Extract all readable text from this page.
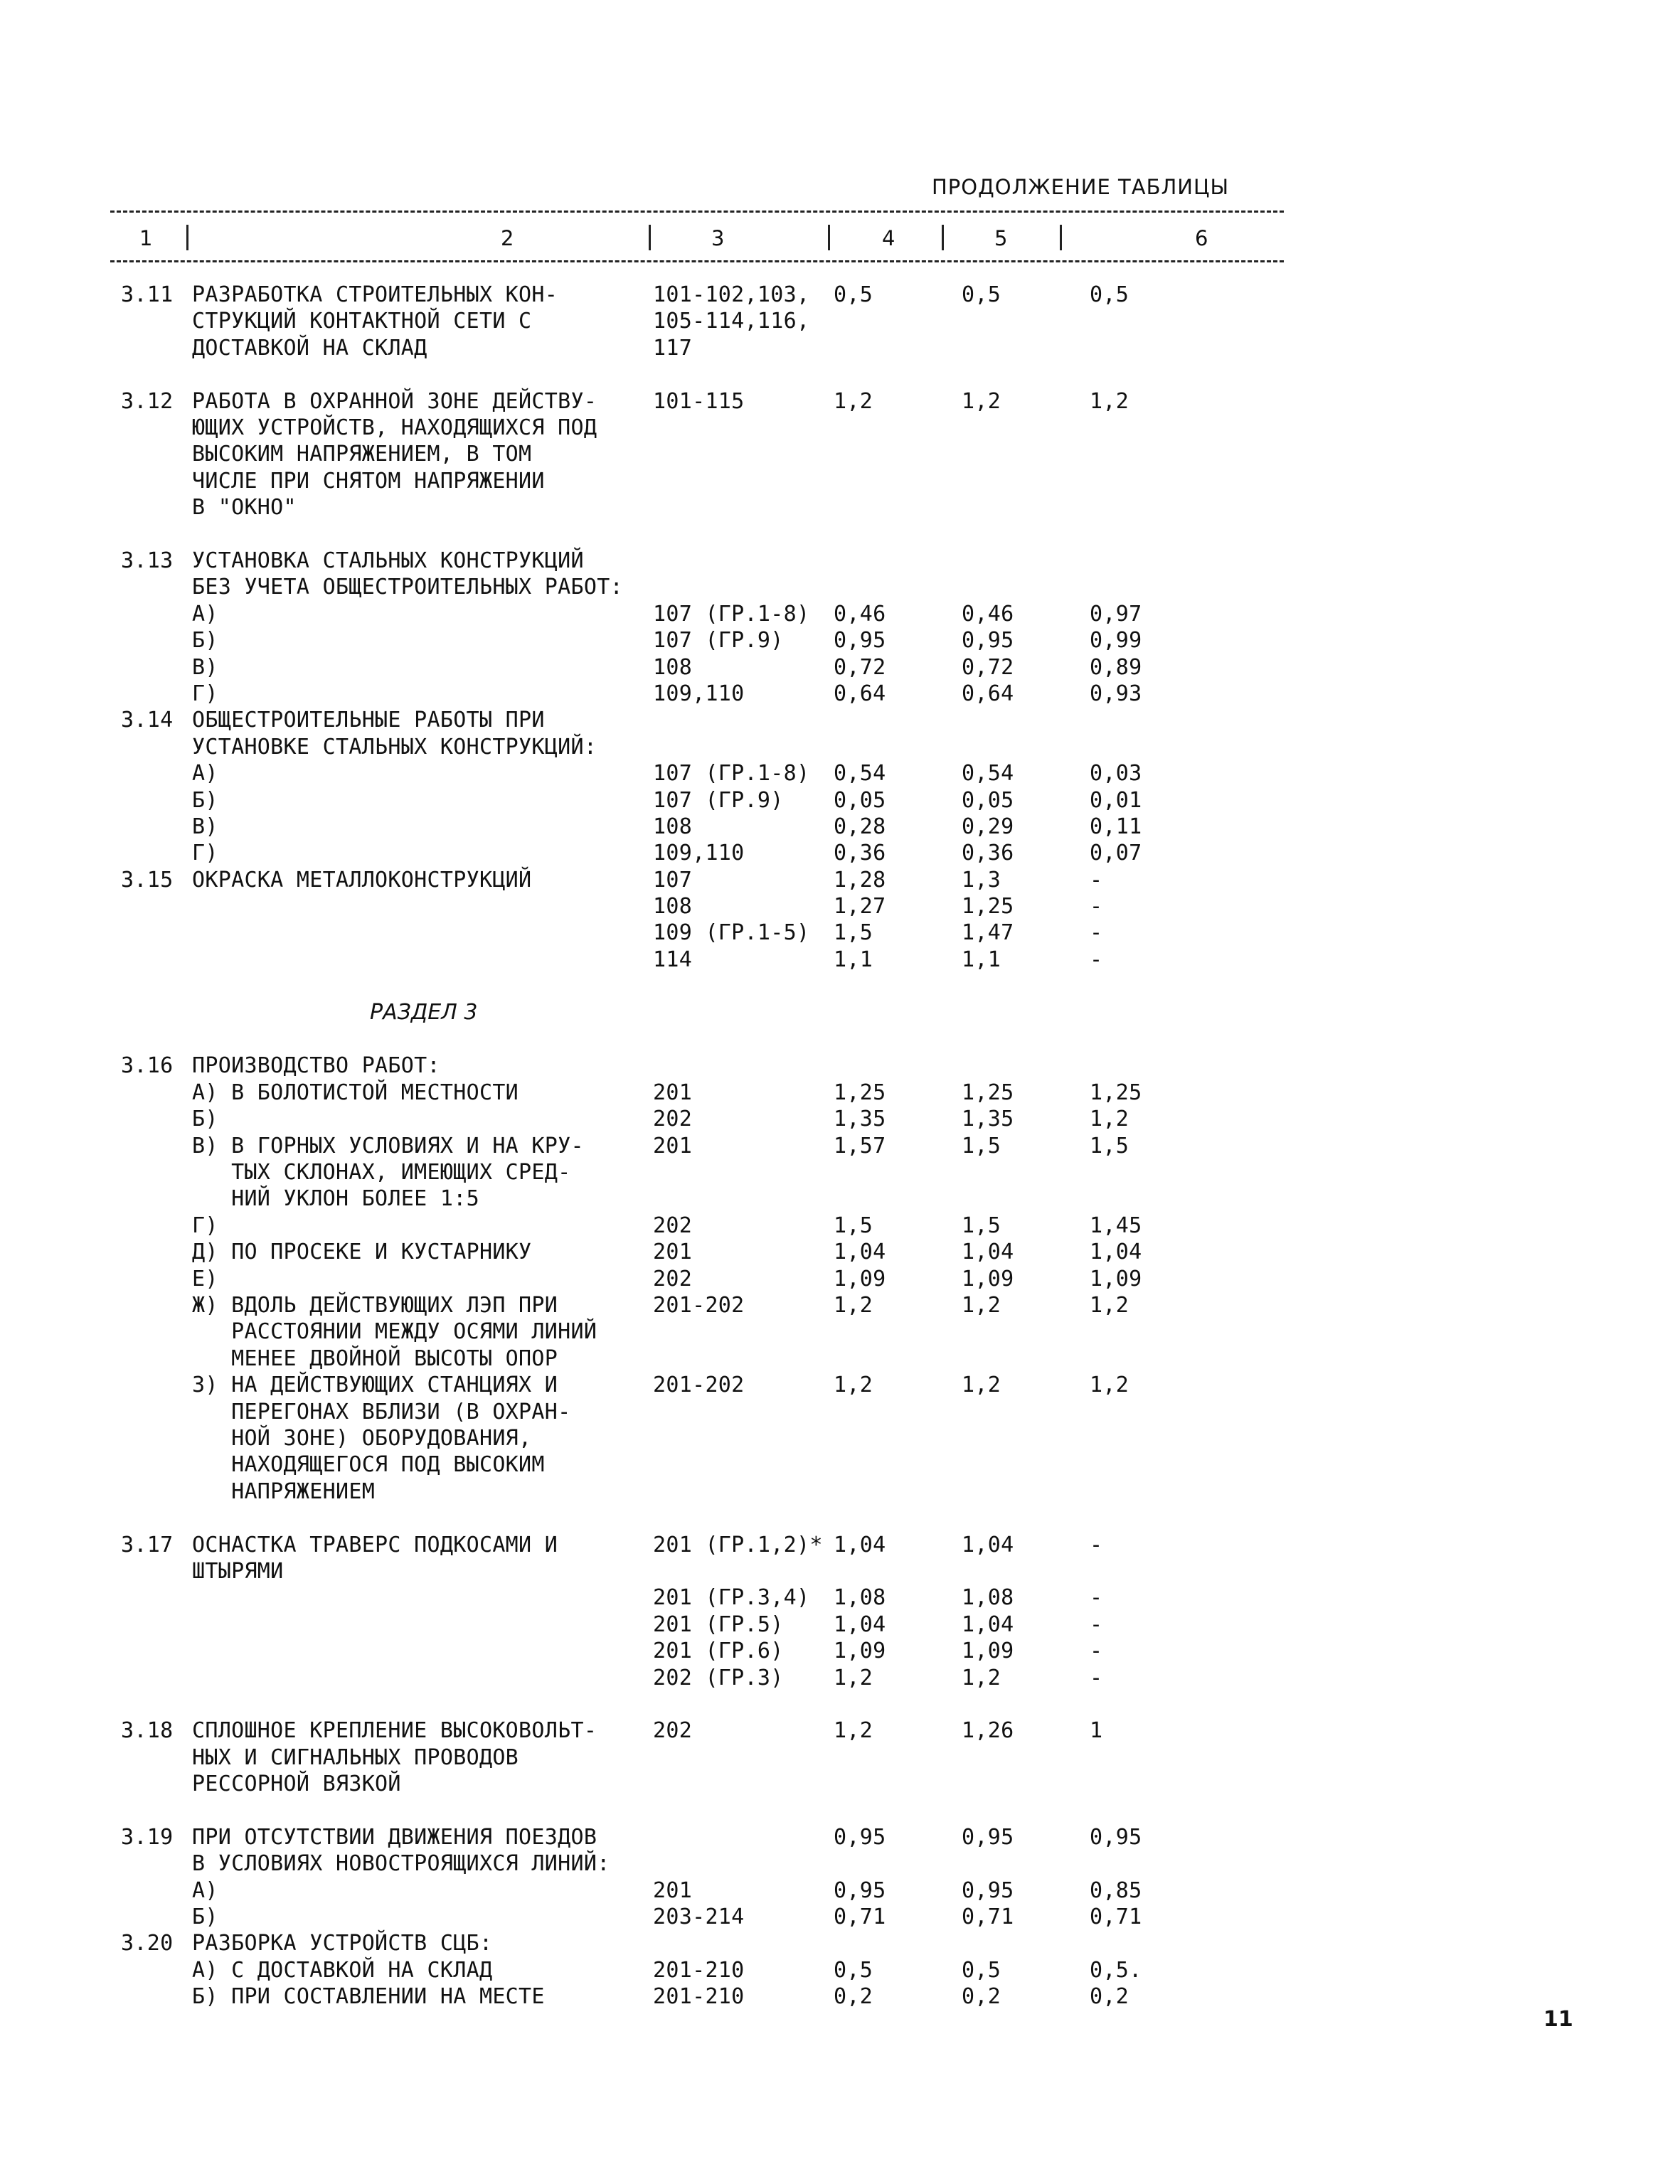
ПРОДОЛЖЕНИЕ ТАБЛИЦЫ
1	2	3	4	5	6
3.11 РАЗРАБОТКА СТРОИТЕЛЬНЫХ КОН-
СТРУКЦИЙ КОНТАКТНОЙ СЕТИ С
ДОСТАВКОЙ НА СКЛАД
101-102,103,
105-114,116,
117
0,5	0,5	0,5
3.12 РАБОТА В ОХРАННОЙ ЗОНЕ ДЕЙСТВУ-
ЮЩИХ УСТРОЙСТВ, НАХОДЯЩИХСЯ ПОД
ВЫСОКИМ НАПРЯЖЕНИЕМ, В ТОМ
ЧИСЛЕ ПРИ СНЯТОМ НАПРЯЖЕНИИ
В "ОКНО"
101-115	1,2	1,2	1,2
3.13 УСТАНОВКА СТАЛЬНЫХ КОНСТРУКЦИЙ
БЕЗ УЧЕТА ОБЩЕСТРОИТЕЛЬНЫХ РАБОТ:
А)	107 (ГР.1-8) 0,46	0,46	0,97
Б)	107 (ГР.9) 0,95	0,95	0,99
В)	108	0,72	0,72	0,89
Г)	109,110	0,64	0,64	0,93
3.14 ОБЩЕСТРОИТЕЛЬНЫЕ РАБОТЫ ПРИ
УСТАНОВКЕ СТАЛЬНЫХ КОНСТРУКЦИЙ:
А)	107 (ГР.1-8) 0,54	0,54	0,03
Б)	107 (ГР.9) 0,05	0,05	0,01
В)	108	0,28	0,29	0,11
Г)	109,110	0,36	0,36	0,07
3.15 ОКРАСКА МЕТАЛЛОКОНСТРУКЦИЙ	107	1,28	1,3	-
108	1,27	1,25	-
109 (ГР.1-5) 1,5	1,47	-
114	1,1	1,1	-
РАЗДЕЛ 3
3.16 ПРОИЗВОДСТВО РАБОТ:
А) В БОЛОТИСТОЙ МЕСТНОСТИ	201	1,25	1,25	1,25
Б)	202	1,35	1,35	1,2
В) В ГОРНЫХ УСЛОВИЯХ И НА КРУ-
ТЫХ СКЛОНАХ, ИМЕЮЩИХ СРЕД-
НИЙ УКЛОН БОЛЕЕ 1:5
201	1,57	1,5	1,5
Г)	202	1,5	1,5	1,45
Д) ПО ПРОСЕКЕ И КУСТАРНИКУ	201	1,04	1,04	1,04
Е)	202	1,09	1,09	1,09
Ж) ВДОЛЬ ДЕЙСТВУЮЩИХ ЛЭП ПРИ
РАССТОЯНИИ МЕЖДУ ОСЯМИ ЛИНИЙ
МЕНЕЕ ДВОЙНОЙ ВЫСОТЫ ОПОР
201-202	1,2	1,2	1,2
З) НА ДЕЙСТВУЮЩИХ СТАНЦИЯХ И
ПЕРЕГОНАХ ВБЛИЗИ (В ОХРАН-
НОЙ ЗОНЕ) ОБОРУДОВАНИЯ,
НАХОДЯЩЕГОСЯ ПОД ВЫСОКИМ
НАПРЯЖЕНИЕМ
201-202	1,2	1,2	1,2
3.17 ОСНАСТКА ТРАВЕРС ПОДКОСАМИ И
ШТЫРЯМИ
201 (ГР.1,2)* 1,04	1,04	-
201 (ГР.3,4) 1,08	1,08	-
201 (ГР.5) 1,04	1,04	-
201 (ГР.6) 1,09	1,09	-
202 (ГР.3) 1,2	1,2	-
3.18 СПЛОШНОЕ КРЕПЛЕНИЕ ВЫСОКОВОЛЬТ-
НЫХ И СИГНАЛЬНЫХ ПРОВОДОВ
РЕССОРНОЙ ВЯЗКОЙ
202	1,2	1,26	1
3.19 ПРИ ОТСУТСТВИИ ДВИЖЕНИЯ ПОЕЗДОВ
В УСЛОВИЯХ НОВОСТРОЯЩИХСЯ ЛИНИЙ:
0,95	0,95	0,95
А)	201	0,95	0,95	0,85
Б)	203-214	0,71	0,71	0,71
3.20 РАЗБОРКА УСТРОЙСТВ СЦБ:
А) С ДОСТАВКОЙ НА СКЛАД	201-210	0,5	0,5	0,5.
Б) ПРИ СОСТАВЛЕНИИ НА МЕСТЕ	201-210	0,2	0,2	0,2
11
